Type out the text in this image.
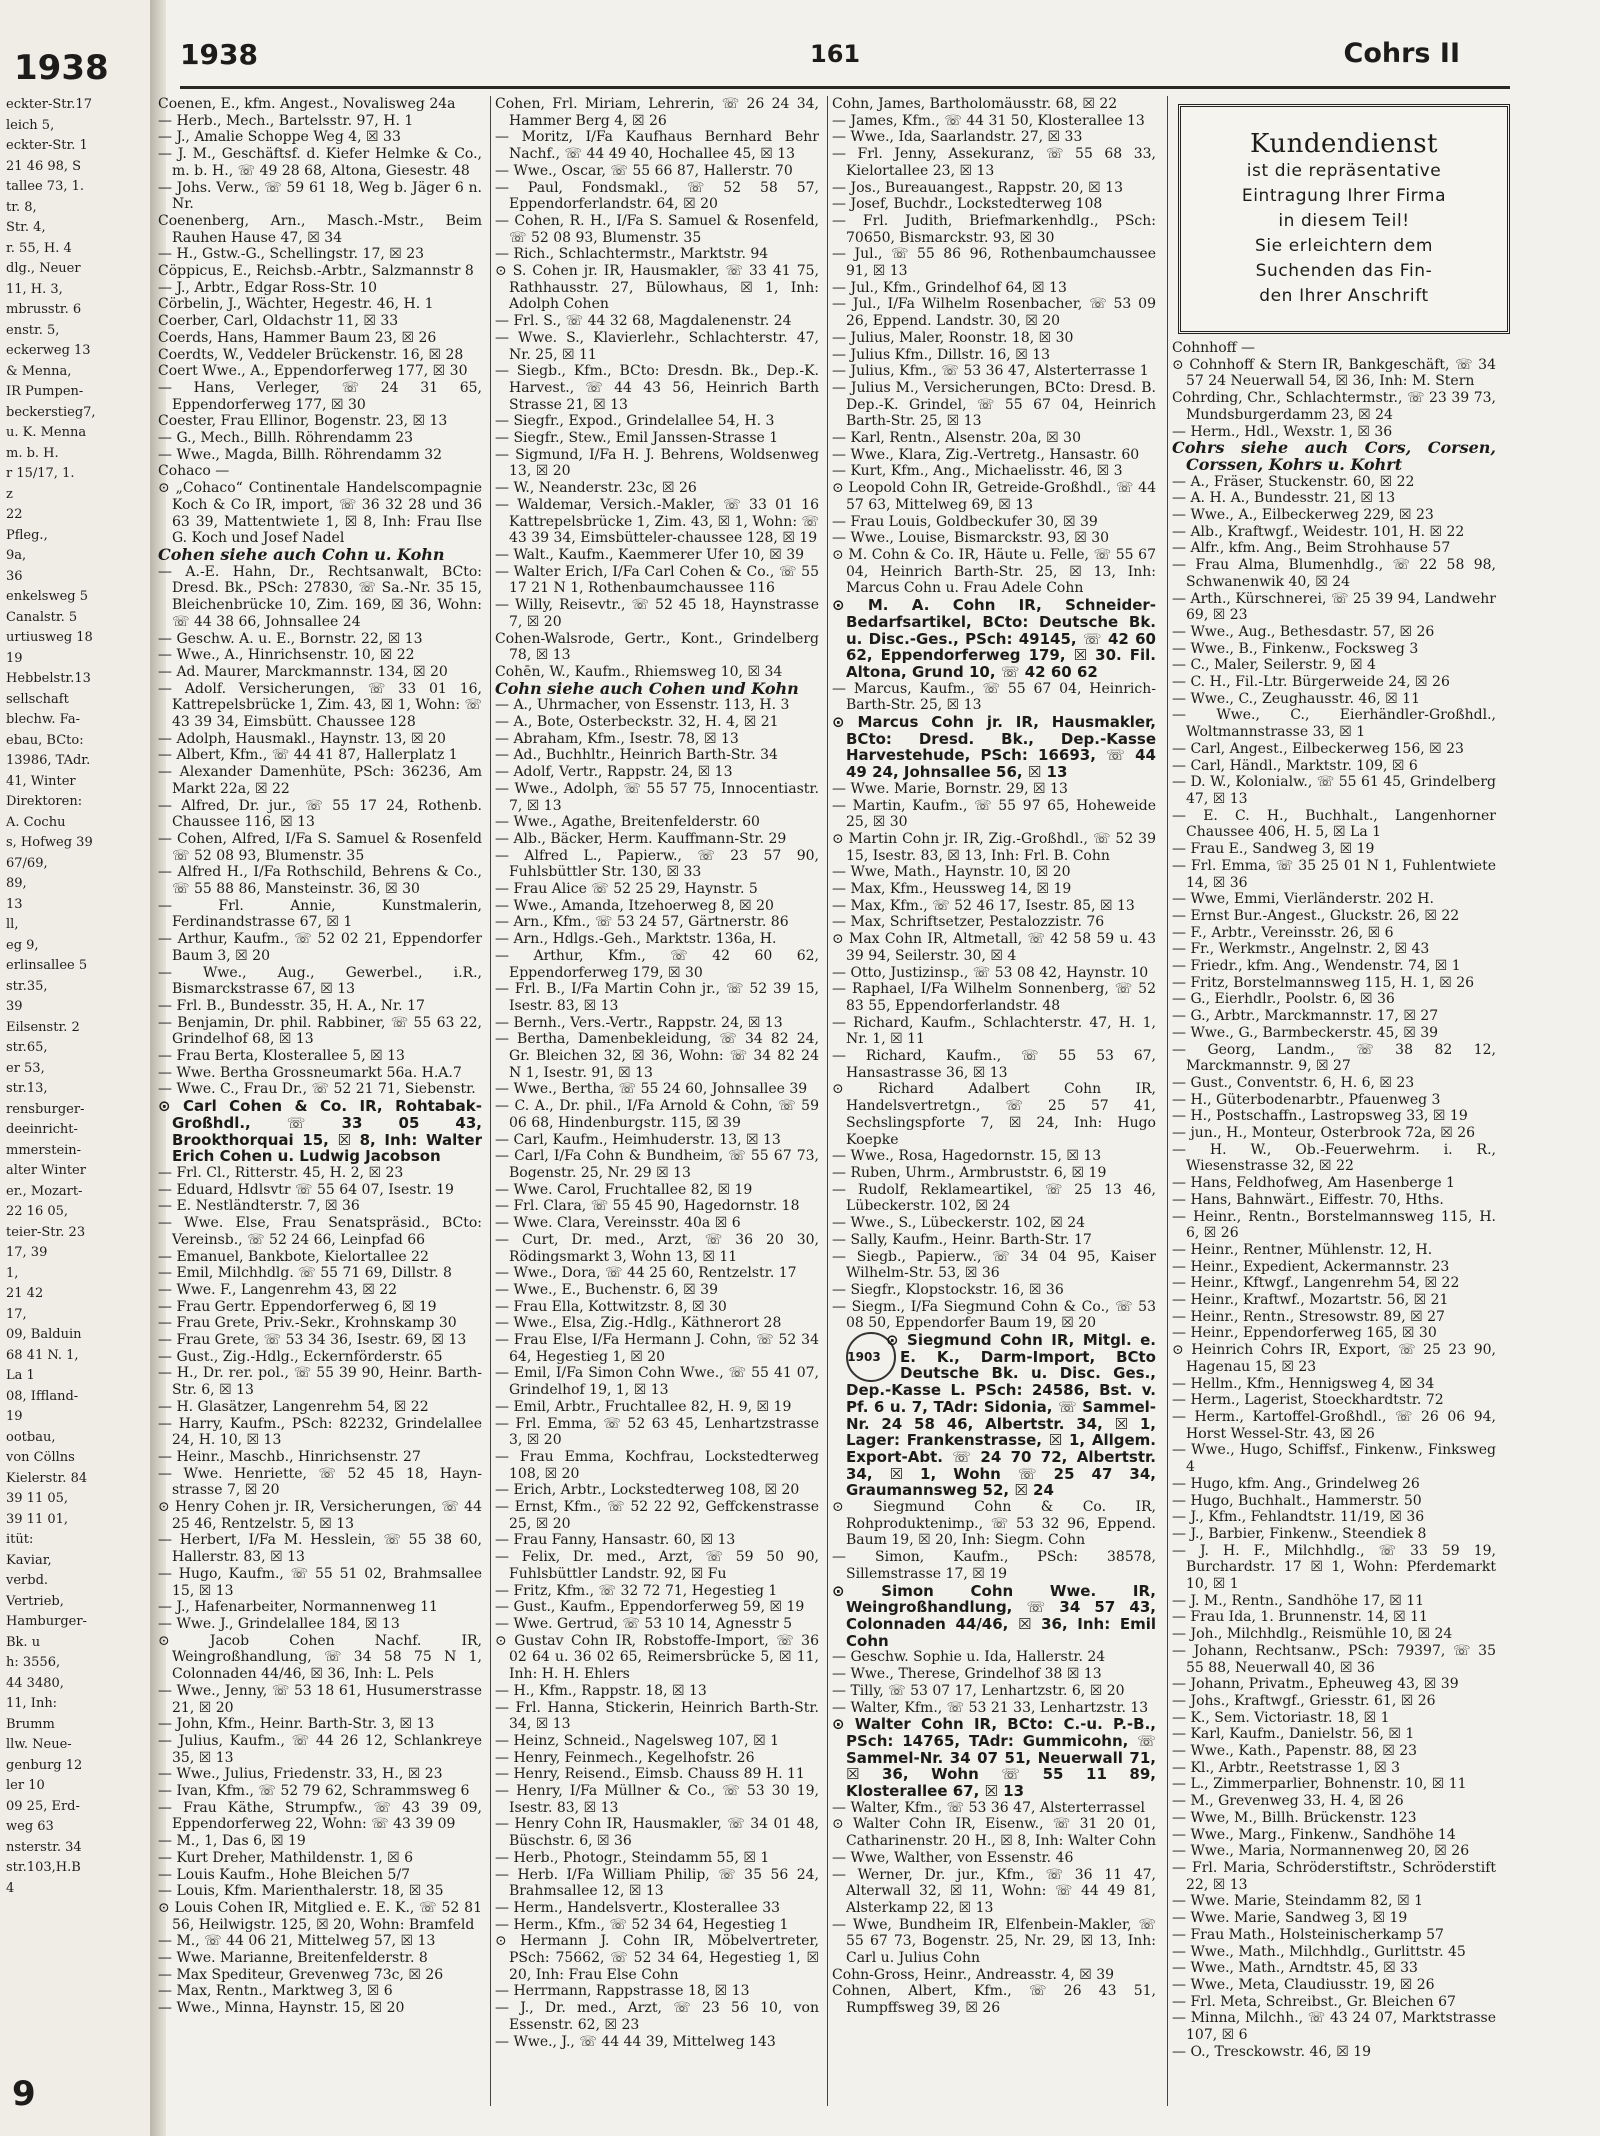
1938
eckter-Str.17
leich 5,
eckter-Str. 1
21 46 98, S
tallee 73, 1.
tr. 8,
Str. 4,
r. 55, H. 4
dlg., Neuer
11, H. 3,
mbrusstr. 6
enstr. 5,
eckerweg 13
& Menna,
IR Pumpen-
beckerstieg7,
u. K. Menna
m. b. H.
r 15/17, 1.
z
22
Pfleg.,
9a,
36
enkelsweg 5
Canalstr. 5
urtiusweg 18
19
Hebbelstr.13
sellschaft
blechw. Fa-
ebau, BCto:
13986, TAdr.
41, Winter
Direktoren:
A. Cochu
s, Hofweg 39
67/69,
89,
13
ll,
eg 9,
erlinsallee 5
str.35,
39
Eilsenstr. 2
str.65,
er 53,
str.13,
rensburger-
deeinricht-
mmerstein-
alter Winter
er., Mozart-
22 16 05,
teier-Str. 23
17, 39
1,
21 42
17,
09, Balduin
68 41 N. 1,
La 1
08, Iffland-
19
ootbau,
von Cöllns
Kielerstr. 84
39 11 05,
39 11 01,
itüt:
Kaviar,
verbd.
Vertrieb,
Hamburger-
Bk. u
h: 3556,
44 3480,
11, Inh:
Brumm
llw. Neue-
genburg 12
ler 10
09 25, Erd-
weg 63
nsterstr. 34
str.103,H.B
4
9
1938	161	Cohrs II

Coenen, E., kfm. Angest., Novalisweg 24a

— Herb., Mech., Bartelsstr. 97, H. 1

— J., Amalie Schoppe Weg 4, ☒ 33

— J. M., Geschäftsf. d. Kiefer Helmke & Co., m. b. H., ☏ 49 28 68, Altona, Giesestr. 48

— Johs. Verw., ☏ 59 61 18, Weg b. Jäger 6 n. Nr.

Coenenberg, Arn., Masch.-Mstr., Beim Rauhen Hause 47, ☒ 34

— H., Gstw.-G., Schellingstr. 17, ☒ 23

Cöppicus, E., Reichsb.-Arbtr., Salzmannstr 8

— J., Arbtr., Edgar Ross-Str. 10

Cörbelin, J., Wächter, Hegestr. 46, H. 1

Coerber, Carl, Oldachstr 11, ☒ 33

Coerds, Hans, Hammer Baum 23, ☒ 26

Coerdts, W., Veddeler Brückenstr. 16, ☒ 28

Coert Wwe., A., Eppendorferweg 177, ☒ 30

— Hans, Verleger, ☏ 24 31 65, Eppendorferweg 177, ☒ 30

Coester, Frau Ellinor, Bogenstr. 23, ☒ 13

— G., Mech., Billh. Röhrendamm 23

— Wwe., Magda, Billh. Röhrendamm 32

Cohaco —

⊙ „Cohaco“ Continentale Handelscompagnie Koch & Co IR, import, ☏ 36 32 28 und 36 63 39, Mattentwiete 1, ☒ 8, Inh: Frau Ilse G. Koch und Josef Nadel

Cohen siehe auch Cohn u. Kohn

— A.-E. Hahn, Dr., Rechtsanwalt, BCto: Dresd. Bk., PSch: 27830, ☏ Sa.-Nr. 35 15, Bleichenbrücke 10, Zim. 169, ☒ 36, Wohn: ☏ 44 38 66, Johnsallee 24

— Geschw. A. u. E., Bornstr. 22, ☒ 13

— Wwe., A., Hinrichsenstr. 10, ☒ 22

— Ad. Maurer, Marckmannstr. 134, ☒ 20

— Adolf. Versicherungen, ☏ 33 01 16, Kattrepelsbrücke 1, Zim. 43, ☒ 1, Wohn: ☏ 43 39 34, Eimsbütt. Chaussee 128

— Adolph, Hausmakl., Haynstr. 13, ☒ 20

— Albert, Kfm., ☏ 44 41 87, Hallerplatz 1

— Alexander Damenhüte, PSch: 36236, Am Markt 22a, ☒ 22

— Alfred, Dr. jur., ☏ 55 17 24, Rothenb. Chaussee 116, ☒ 13

— Cohen, Alfred, I/Fa S. Samuel & Rosenfeld ☏ 52 08 93, Blumenstr. 35

— Alfred H., I/Fa Rothschild, Behrens & Co., ☏ 55 88 86, Mansteinstr. 36, ☒ 30

— Frl. Annie, Kunstmalerin, Ferdinandstrasse 67, ☒ 1

— Arthur, Kaufm., ☏ 52 02 21, Eppendorfer Baum 3, ☒ 20

— Wwe., Aug., Gewerbel., i.R., Bismarckstrasse 67, ☒ 13

— Frl. B., Bundesstr. 35, H. A., Nr. 17

— Benjamin, Dr. phil. Rabbiner, ☏ 55 63 22, Grindelhof 68, ☒ 13

— Frau Berta, Klosterallee 5, ☒ 13

— Wwe. Bertha Grossneumarkt 56a. H.A.7

— Wwe. C., Frau Dr., ☏ 52 21 71, Siebenstr.

⊙ Carl Cohen & Co. IR, Rohtabak-Großhdl., ☏ 33 05 43, Brookthorquai 15, ☒ 8, Inh: Walter Erich Cohen u. Ludwig Jacobson

— Frl. Cl., Ritterstr. 45, H. 2, ☒ 23

— Eduard, Hdlsvtr ☏ 55 64 07, Isestr. 19

— E. Nestländterstr. 7, ☒ 36

— Wwe. Else, Frau Senatspräsid., BCto: Vereinsb., ☏ 52 24 66, Leinpfad 66

— Emanuel, Bankbote, Kielortallee 22

— Emil, Milchhdlg. ☏ 55 71 69, Dillstr. 8

— Wwe. F., Langenrehm 43, ☒ 22

— Frau Gertr. Eppendorferweg 6, ☒ 19

— Frau Grete, Priv.-Sekr., Krohnskamp 30

— Frau Grete, ☏ 53 34 36, Isestr. 69, ☒ 13

— Gust., Zig.-Hdlg., Eckernförderstr. 65

— H., Dr. rer. pol., ☏ 55 39 90, Heinr. Barth-Str. 6, ☒ 13

— H. Glasätzer, Langenrehm 54, ☒ 22

— Harry, Kaufm., PSch: 82232, Grindelallee 24, H. 10, ☒ 13

— Heinr., Maschb., Hinrichsenstr. 27

— Wwe. Henriette, ☏ 52 45 18, Hayn- strasse 7, ☒ 20

⊙ Henry Cohen jr. IR, Versicherungen, ☏ 44 25 46, Rentzelstr. 5, ☒ 13

— Herbert, I/Fa M. Hesslein, ☏ 55 38 60, Hallerstr. 83, ☒ 13

— Hugo, Kaufm., ☏ 55 51 02, Brahmsallee 15, ☒ 13

— J., Hafenarbeiter, Normannenweg 11

— Wwe. J., Grindelallee 184, ☒ 13

⊙ Jacob Cohen Nachf. IR, Weingroßhandlung, ☏ 34 58 75 N 1, Colonnaden 44/46, ☒ 36, Inh: L. Pels

— Wwe., Jenny, ☏ 53 18 61, Husumerstrasse 21, ☒ 20

— John, Kfm., Heinr. Barth-Str. 3, ☒ 13

— Julius, Kaufm., ☏ 44 26 12, Schlankreye 35, ☒ 13

— Wwe., Julius, Friedenstr. 33, H., ☒ 23

— Ivan, Kfm., ☏ 52 79 62, Schrammsweg 6

— Frau Käthe, Strumpfw., ☏ 43 39 09, Eppendorferweg 22, Wohn: ☏ 43 39 09

— M., 1, Das 6, ☒ 19

— Kurt Dreher, Mathildenstr. 1, ☒ 6

— Louis Kaufm., Hohe Bleichen 5/7

— Louis, Kfm. Marienthalerstr. 18, ☒ 35

⊙ Louis Cohen IR, Mitglied e. E. K., ☏ 52 81 56, Heilwigstr. 125, ☒ 20, Wohn: Bramfeld

— M., ☏ 44 06 21, Mittelweg 57, ☒ 13

— Wwe. Marianne, Breitenfelderstr. 8

— Max Spediteur, Grevenweg 73c, ☒ 26

— Max, Rentn., Marktweg 3, ☒ 6

— Wwe., Minna, Haynstr. 15, ☒ 20

Cohen, Frl. Miriam, Lehrerin, ☏ 26 24 34, Hammer Berg 4, ☒ 26

— Moritz, I/Fa Kaufhaus Bernhard Behr Nachf., ☏ 44 49 40, Hochallee 45, ☒ 13

— Wwe., Oscar, ☏ 55 66 87, Hallerstr. 70

— Paul, Fondsmakl., ☏ 52 58 57, Eppendorferlandstr. 64, ☒ 20

— Cohen, R. H., I/Fa S. Samuel & Rosenfeld, ☏ 52 08 93, Blumenstr. 35

— Rich., Schlachtermstr., Marktstr. 94

⊙ S. Cohen jr. IR, Hausmakler, ☏ 33 41 75, Rathhausstr. 27, Bülowhaus, ☒ 1, Inh: Adolph Cohen

— Frl. S., ☏ 44 32 68, Magdalenenstr. 24

— Wwe. S., Klavierlehr., Schlachterstr. 47, Nr. 25, ☒ 11

— Siegb., Kfm., BCto: Dresdn. Bk., Dep.-K. Harvest., ☏ 44 43 56, Heinrich Barth Strasse 21, ☒ 13

— Siegfr., Expod., Grindelallee 54, H. 3

— Siegfr., Stew., Emil Janssen-Strasse 1

— Sigmund, I/Fa H. J. Behrens, Woldsenweg 13, ☒ 20

— W., Neanderstr. 23c, ☒ 26

— Waldemar, Versich.-Makler, ☏ 33 01 16 Kattrepelsbrücke 1, Zim. 43, ☒ 1, Wohn: ☏ 43 39 34, Eimsbütteler-chaussee 128, ☒ 19

— Walt., Kaufm., Kaemmerer Ufer 10, ☒ 39

— Walter Erich, I/Fa Carl Cohen & Co., ☏ 55 17 21 N 1, Rothenbaumchaussee 116

— Willy, Reisevtr., ☏ 52 45 18, Haynstrasse 7, ☒ 20

Cohen-Walsrode, Gertr., Kont., Grindelberg 78, ☒ 13

Cohēn, W., Kaufm., Rhiemsweg 10, ☒ 34

Cohn siehe auch Cohen und Kohn

— A., Uhrmacher, von Essenstr. 113, H. 3

— A., Bote, Osterbeckstr. 32, H. 4, ☒ 21

— Abraham, Kfm., Isestr. 78, ☒ 13

— Ad., Buchhltr., Heinrich Barth-Str. 34

— Adolf, Vertr., Rappstr. 24, ☒ 13

— Wwe., Adolph, ☏ 55 57 75, Innocentiastr. 7, ☒ 13

— Wwe., Agathe, Breitenfelderstr. 60

— Alb., Bäcker, Herm. Kauffmann-Str. 29

— Alfred L., Papierw., ☏ 23 57 90, Fuhlsbüttler Str. 130, ☒ 33

— Frau Alice ☏ 52 25 29, Haynstr. 5

— Wwe., Amanda, Itzehoerweg 8, ☒ 20

— Arn., Kfm., ☏ 53 24 57, Gärtnerstr. 86

— Arn., Hdlgs.-Geh., Marktstr. 136a, H.

— Arthur, Kfm., ☏ 42 60 62, Eppendorferweg 179, ☒ 30

— Frl. B., I/Fa Martin Cohn jr., ☏ 52 39 15, Isestr. 83, ☒ 13

— Bernh., Vers.-Vertr., Rappstr. 24, ☒ 13

— Bertha, Damenbekleidung, ☏ 34 82 24, Gr. Bleichen 32, ☒ 36, Wohn: ☏ 34 82 24 N 1, Isestr. 91, ☒ 13

— Wwe., Bertha, ☏ 55 24 60, Johnsallee 39

— C. A., Dr. phil., I/Fa Arnold & Cohn, ☏ 59 06 68, Hindenburgstr. 115, ☒ 39

— Carl, Kaufm., Heimhuderstr. 13, ☒ 13

— Carl, I/Fa Cohn & Bundheim, ☏ 55 67 73, Bogenstr. 25, Nr. 29 ☒ 13

— Wwe. Carol, Fruchtallee 82, ☒ 19

— Frl. Clara, ☏ 55 45 90, Hagedornstr. 18

— Wwe. Clara, Vereinsstr. 40a ☒ 6

— Curt, Dr. med., Arzt, ☏ 36 20 30, Rödingsmarkt 3, Wohn 13, ☒ 11

— Wwe., Dora, ☏ 44 25 60, Rentzelstr. 17

— Wwe., E., Buchenstr. 6, ☒ 39

— Frau Ella, Kottwitzstr. 8, ☒ 30

— Wwe., Elsa, Zig.-Hdlg., Käthnerort 28

— Frau Else, I/Fa Hermann J. Cohn, ☏ 52 34 64, Hegestieg 1, ☒ 20

— Emil, I/Fa Simon Cohn Wwe., ☏ 55 41 07, Grindelhof 19, 1, ☒ 13

— Emil, Arbtr., Fruchtallee 82, H. 9, ☒ 19

— Frl. Emma, ☏ 52 63 45, Lenhartzstrasse 3, ☒ 20

— Frau Emma, Kochfrau, Lockstedterweg 108, ☒ 20

— Erich, Arbtr., Lockstedterweg 108, ☒ 20

— Ernst, Kfm., ☏ 52 22 92, Geffckenstrasse 25, ☒ 20

— Frau Fanny, Hansastr. 60, ☒ 13

— Felix, Dr. med., Arzt, ☏ 59 50 90, Fuhlsbüttler Landstr. 92, ☒ Fu

— Fritz, Kfm., ☏ 32 72 71, Hegestieg 1

— Gust., Kaufm., Eppendorferweg 59, ☒ 19

— Wwe. Gertrud, ☏ 53 10 14, Agnesstr 5

⊙ Gustav Cohn IR, Robstoffe-Import, ☏ 36 02 64 u. 36 02 65, Reimersbrücke 5, ☒ 11, Inh: H. H. Ehlers

— H., Kfm., Rappstr. 18, ☒ 13

— Frl. Hanna, Stickerin, Heinrich Barth-Str. 34, ☒ 13

— Heinz, Schneid., Nagelsweg 107, ☒ 1

— Henry, Feinmech., Kegelhofstr. 26

— Henry, Reisend., Eimsb. Chauss 89 H. 11

— Henry, I/Fa Müllner & Co., ☏ 53 30 19, Isestr. 83, ☒ 13

— Henry Cohn IR, Hausmakler, ☏ 34 01 48, Büschstr. 6, ☒ 36

— Herb., Photogr., Steindamm 55, ☒ 1

— Herb. I/Fa William Philip, ☏ 35 56 24, Brahmsallee 12, ☒ 13

— Herm., Handelsvertr., Klosterallee 33

— Herm., Kfm., ☏ 52 34 64, Hegestieg 1

⊙ Hermann J. Cohn IR, Möbelvertreter, PSch: 75662, ☏ 52 34 64, Hegestieg 1, ☒ 20, Inh: Frau Else Cohn

— Herrmann, Rappstrasse 18, ☒ 13

— J., Dr. med., Arzt, ☏ 23 56 10, von Essenstr. 62, ☒ 23

— Wwe., J., ☏ 44 44 39, Mittelweg 143

Cohn, James, Bartholomäusstr. 68, ☒ 22

— James, Kfm., ☏ 44 31 50, Klosterallee 13

— Wwe., Ida, Saarlandstr. 27, ☒ 33

— Frl. Jenny, Assekuranz, ☏ 55 68 33, Kielortallee 23, ☒ 13

— Jos., Bureauangest., Rappstr. 20, ☒ 13

— Josef, Buchdr., Lockstedterweg 108

— Frl. Judith, Briefmarkenhdlg., PSch: 70650, Bismarckstr. 93, ☒ 30

— Jul., ☏ 55 86 96, Rothenbaumchaussee 91, ☒ 13

— Jul., Kfm., Grindelhof 64, ☒ 13

— Jul., I/Fa Wilhelm Rosenbacher, ☏ 53 09 26, Eppend. Landstr. 30, ☒ 20

— Julius, Maler, Roonstr. 18, ☒ 30

— Julius Kfm., Dillstr. 16, ☒ 13

— Julius, Kfm., ☏ 53 36 47, Alsterterrasse 1

— Julius M., Versicherungen, BCto: Dresd. B. Dep.-K. Grindel, ☏ 55 67 04, Heinrich Barth-Str. 25, ☒ 13

— Karl, Rentn., Alsenstr. 20a, ☒ 30

— Wwe., Klara, Zig.-Vertretg., Hansastr. 60

— Kurt, Kfm., Ang., Michaelisstr. 46, ☒ 3

⊙ Leopold Cohn IR, Getreide-Großhdl., ☏ 44 57 63, Mittelweg 69, ☒ 13

— Frau Louis, Goldbeckufer 30, ☒ 39

— Wwe., Louise, Bismarckstr. 93, ☒ 30

⊙ M. Cohn & Co. IR, Häute u. Felle, ☏ 55 67 04, Heinrich Barth-Str. 25, ☒ 13, Inh: Marcus Cohn u. Frau Adele Cohn

⊙ M. A. Cohn IR, Schneider-Bedarfsartikel, BCto: Deutsche Bk. u. Disc.-Ges., PSch: 49145, ☏ 42 60 62, Eppendorferweg 179, ☒ 30. Fil. Altona, Grund 10, ☏ 42 60 62

— Marcus, Kaufm., ☏ 55 67 04, Heinrich-Barth-Str. 25, ☒ 13

⊙ Marcus Cohn jr. IR, Hausmakler, BCto: Dresd. Bk., Dep.-Kasse Harvestehude, PSch: 16693, ☏ 44 49 24, Johnsallee 56, ☒ 13

— Wwe. Marie, Bornstr. 29, ☒ 13

— Martin, Kaufm., ☏ 55 97 65, Hoheweide 25, ☒ 30

⊙ Martin Cohn jr. IR, Zig.-Großhdl., ☏ 52 39 15, Isestr. 83, ☒ 13, Inh: Frl. B. Cohn

— Wwe, Math., Haynstr. 10, ☒ 20

— Max, Kfm., Heussweg 14, ☒ 19

— Max, Kfm., ☏ 52 46 17, Isestr. 85, ☒ 13

— Max, Schriftsetzer, Pestalozzistr. 76

⊙ Max Cohn IR, Altmetall, ☏ 42 58 59 u. 43 39 94, Seilerstr. 30, ☒ 4

— Otto, Justizinsp., ☏ 53 08 42, Haynstr. 10

— Raphael, I/Fa Wilhelm Sonnenberg, ☏ 52 83 55, Eppendorferlandstr. 48

— Richard, Kaufm., Schlachterstr. 47, H. 1, Nr. 1, ☒ 11

— Richard, Kaufm., ☏ 55 53 67, Hansastrasse 36, ☒ 13

⊙ Richard Adalbert Cohn IR, Handelsvertretgn., ☏ 25 57 41, Sechslingspforte 7, ☒ 24, Inh: Hugo Koepke

— Wwe., Rosa, Hagedornstr. 15, ☒ 13

— Ruben, Uhrm., Armbruststr. 6, ☒ 19

— Rudolf, Reklameartikel, ☏ 25 13 46, Lübeckerstr. 102, ☒ 24

— Wwe., S., Lübeckerstr. 102, ☒ 24

— Sally, Kaufm., Heinr. Barth-Str. 17

— Siegb., Papierw., ☏ 34 04 95, Kaiser Wilhelm-Str. 53, ☒ 36

— Siegfr., Klopstockstr. 16, ☒ 36

— Siegm., I/Fa Siegmund Cohn & Co., ☏ 53 08 50, Eppendorfer Baum 19, ☒ 20

1903
⊙ Siegmund Cohn IR, Mitgl. e. E. K., Darm-Import, BCto Deutsche Bk. u. Disc. Ges., Dep.-Kasse L. PSch: 24586, Bst. v. Pf. 6 u. 7, TAdr: Sidonia, ☏ Sammel-Nr. 24 58 46, Albertstr. 34, ☒ 1, Lager: Frankenstrasse, ☒ 1, Allgem. Export-Abt. ☏ 24 70 72, Albertstr. 34, ☒ 1, Wohn ☏ 25 47 34, Graumannsweg 52, ☒ 24

⊙ Siegmund Cohn & Co. IR, Rohproduktenimp., ☏ 53 32 96, Eppend. Baum 19, ☒ 20, Inh: Siegm. Cohn

— Simon, Kaufm., PSch: 38578, Sillemstrasse 17, ☒ 19

⊙ Simon Cohn Wwe. IR, Weingroßhandlung, ☏ 34 57 43, Colonnaden 44/46, ☒ 36, Inh: Emil Cohn

— Geschw. Sophie u. Ida, Hallerstr. 24

— Wwe., Therese, Grindelhof 38 ☒ 13

— Tilly, ☏ 53 07 17, Lenhartzstr. 6, ☒ 20

— Walter, Kfm., ☏ 53 21 33, Lenhartzstr. 13

⊙ Walter Cohn IR, BCto: C.-u. P.-B., PSch: 14765, TAdr: Gummicohn, ☏ Sammel-Nr. 34 07 51, Neuerwall 71, ☒ 36, Wohn ☏ 55 11 89, Klosterallee 67, ☒ 13

— Walter, Kfm., ☏ 53 36 47, Alsterterrassel

⊙ Walter Cohn IR, Eisenw., ☏ 31 20 01, Catharinenstr. 20 H., ☒ 8, Inh: Walter Cohn

— Wwe, Walther, von Essenstr. 46

— Werner, Dr. jur., Kfm., ☏ 36 11 47, Alterwall 32, ☒ 11, Wohn: ☏ 44 49 81, Alsterkamp 22, ☒ 13

— Wwe, Bundheim IR, Elfenbein-Makler, ☏ 55 67 73, Bogenstr. 25, Nr. 29, ☒ 13, Inh: Carl u. Julius Cohn

Cohn-Gross, Heinr., Andreasstr. 4, ☒ 39

Cohnen, Albert, Kfm., ☏ 26 43 51, Rumpffsweg 39, ☒ 26

Cohnhoff —

⊙ Cohnhoff & Stern IR, Bankgeschäft, ☏ 34 57 24 Neuerwall 54, ☒ 36, Inh: M. Stern

Cohrding, Chr., Schlachtermstr., ☏ 23 39 73, Mundsburgerdamm 23, ☒ 24

— Herm., Hdl., Wexstr. 1, ☒ 36

Cohrs siehe auch Cors, Corsen, Corssen, Kohrs u. Kohrt

— A., Fräser, Stuckenstr. 60, ☒ 22

— A. H. A., Bundesstr. 21, ☒ 13

— Wwe., A., Eilbeckerweg 229, ☒ 23

— Alb., Kraftwgf., Weidestr. 101, H. ☒ 22

— Alfr., kfm. Ang., Beim Strohhause 57

— Frau Alma, Blumenhdlg., ☏ 22 58 98, Schwanenwik 40, ☒ 24

— Arth., Kürschnerei, ☏ 25 39 94, Landwehr 69, ☒ 23

— Wwe., Aug., Bethesdastr. 57, ☒ 26

— Wwe., B., Finkenw., Focksweg 3

— C., Maler, Seilerstr. 9, ☒ 4

— C. H., Fil.-Ltr. Bürgerweide 24, ☒ 26

— Wwe., C., Zeughausstr. 46, ☒ 11

— Wwe., C., Eierhändler-Großhdl., Woltmannstrasse 33, ☒ 1

— Carl, Angest., Eilbeckerweg 156, ☒ 23

— Carl, Händl., Marktstr. 109, ☒ 6

— D. W., Kolonialw., ☏ 55 61 45, Grindelberg 47, ☒ 13

— E. C. H., Buchhalt., Langenhorner Chaussee 406, H. 5, ☒ La 1

— Frau E., Sandweg 3, ☒ 19

— Frl. Emma, ☏ 35 25 01 N 1, Fuhlentwiete 14, ☒ 36

— Wwe, Emmi, Vierländerstr. 202 H.

— Ernst Bur.-Angest., Gluckstr. 26, ☒ 22

— F., Arbtr., Vereinsstr. 26, ☒ 6

— Fr., Werkmstr., Angelnstr. 2, ☒ 43

— Friedr., kfm. Ang., Wendenstr. 74, ☒ 1

— Fritz, Borstelmannsweg 115, H. 1, ☒ 26

— G., Eierhdlr., Poolstr. 6, ☒ 36

— G., Arbtr., Marckmannstr. 17, ☒ 27

— Wwe., G., Barmbeckerstr. 45, ☒ 39

— Georg, Landm., ☏ 38 82 12, Marckmannstr. 9, ☒ 27

— Gust., Conventstr. 6, H. 6, ☒ 23

— H., Güterbodenarbtr., Pfauenweg 3

— H., Postschaffn., Lastropsweg 33, ☒ 19

— jun., H., Monteur, Osterbrook 72a, ☒ 26

— H. W., Ob.-Feuerwehrm. i. R., Wiesenstrasse 32, ☒ 22

— Hans, Feldhofweg, Am Hasenberge 1

— Hans, Bahnwärt., Eiffestr. 70, Hths.

— Heinr., Rentn., Borstelmannsweg 115, H. 6, ☒ 26

— Heinr., Rentner, Mühlenstr. 12, H.

— Heinr., Expedient, Ackermannstr. 23

— Heinr., Kftwgf., Langenrehm 54, ☒ 22

— Heinr., Kraftwf., Mozartstr. 56, ☒ 21

— Heinr., Rentn., Stresowstr. 89, ☒ 27

— Heinr., Eppendorferweg 165, ☒ 30

⊙ Heinrich Cohrs IR, Export, ☏ 25 23 90, Hagenau 15, ☒ 23

— Hellm., Kfm., Hennigsweg 4, ☒ 34

— Herm., Lagerist, Stoeckhardtstr. 72

— Herm., Kartoffel-Großhdl., ☏ 26 06 94, Horst Wessel-Str. 43, ☒ 26

— Wwe., Hugo, Schiffsf., Finkenw., Finksweg 4

— Hugo, kfm. Ang., Grindelweg 26

— Hugo, Buchhalt., Hammerstr. 50

— J., Kfm., Fehlandtstr. 11/19, ☒ 36

— J., Barbier, Finkenw., Steendiek 8

— J. H. F., Milchhdlg., ☏ 33 59 19, Burchardstr. 17 ☒ 1, Wohn: Pferdemarkt 10, ☒ 1

— J. M., Rentn., Sandhöhe 17, ☒ 11

— Frau Ida, 1. Brunnenstr. 14, ☒ 11

— Joh., Milchhdlg., Reismühle 10, ☒ 24

— Johann, Rechtsanw., PSch: 79397, ☏ 35 55 88, Neuerwall 40, ☒ 36

— Johann, Privatm., Epheuweg 43, ☒ 39

— Johs., Kraftwgf., Griesstr. 61, ☒ 26

— K., Sem. Victoriastr. 18, ☒ 1

— Karl, Kaufm., Danielstr. 56, ☒ 1

— Wwe., Kath., Papenstr. 88, ☒ 23

— Kl., Arbtr., Reetstrasse 1, ☒ 3

— L., Zimmerparlier, Bohnenstr. 10, ☒ 11

— M., Grevenweg 33, H. 4, ☒ 26

— Wwe, M., Billh. Brückenstr. 123

— Wwe., Marg., Finkenw., Sandhöhe 14

— Wwe., Maria, Normannenweg 20, ☒ 26

— Frl. Maria, Schröderstiftstr., Schröderstift 22, ☒ 13

— Wwe. Marie, Steindamm 82, ☒ 1

— Wwe. Marie, Sandweg 3, ☒ 19

— Frau Math., Holsteinischerkamp 57

— Wwe., Math., Milchhdlg., Gurlittstr. 45

— Wwe., Math., Arndtstr. 45, ☒ 33

— Wwe., Meta, Claudiusstr. 19, ☒ 26

— Frl. Meta, Schreibst., Gr. Bleichen 67

— Minna, Milchh., ☏ 43 24 07, Marktstrasse 107, ☒ 6

— O., Tresckowstr. 46, ☒ 19

Kundendienst
ist die repräsentative
Eintragung Ihrer Firma
in diesem Teil!
Sie erleichtern dem
Suchenden das Fin-
den Ihrer Anschrift
